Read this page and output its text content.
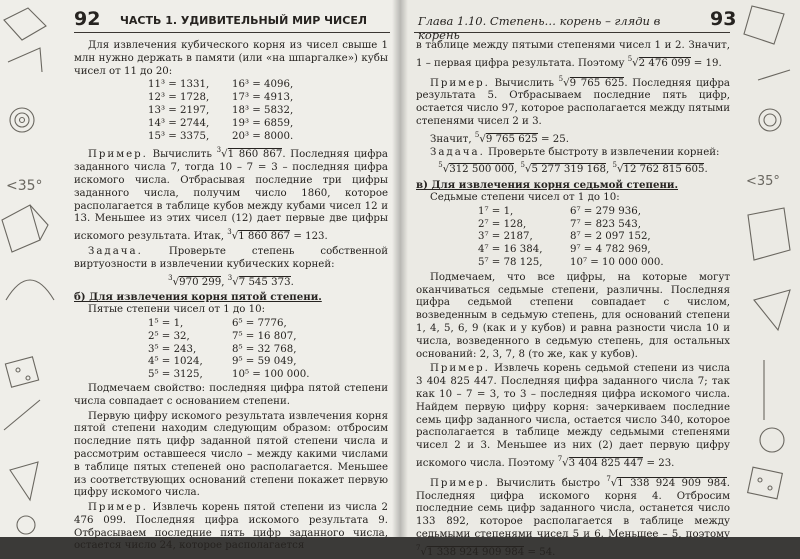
<35°
92 ЧАСТЬ 1. УДИВИТЕЛЬНЫЙ МИР ЧИСЕЛ

Для извлечения кубического корня из чисел свыше 1 млн нужно держать в памяти (или «на шпаргалке») кубы чисел от 11 до 20:

11³ = 1331,	16³ = 4096,
12³ = 1728,	17³ = 4913,
13³ = 2197,	18³ = 5832,
14³ = 2744,	19³ = 6859,
15³ = 3375,	20³ = 8000.

Пример. Вычислить $^3$√1 860 867. Последняя цифра заданного числа 7, тогда 10 – 7 = 3 – последняя цифра искомого числа. Отбрасывая последние три цифры заданного числа, получим число 1860, которое располагается в таблице кубов между кубами чисел 12 и 13. Меньшее из этих чисел (12) дает первые две цифры искомого результата. Итак, $^3$√1 860 867 = 123.

Задача.	Проверьте степень собственной виртуозности в извлечении кубических корней:

$^3$√970 299, $^3$√7 545 373.

б) Для извлечения корня пятой степени.

Пятые степени чисел от 1 до 10:

1⁵ = 1,	6⁵ = 7776,
2⁵ = 32,	7⁵ = 16 807,
3⁵ = 243,	8⁵ = 32 768,
4⁵ = 1024,	9⁵ = 59 049,
5⁵ = 3125,	10⁵ = 100 000.

Подмечаем свойство: последняя цифра пятой степени числа совпадает с основанием степени.

Первую цифру искомого результата извлечения корня пятой степени находим следующим образом: отбросим последние пять цифр заданной пятой степени числа и рассмотрим оставшееся число – между какими числами в таблице пятых степеней оно располагается. Меньшее из соответствующих оснований степени покажет первую цифру искомого числа.

Пример. Извлечь корень пятой степени из числа 2 476 099. Последняя цифра искомого результата 9. Отбрасываем последние пять цифр заданного числа, остается число 24, которое располагается

<35°
Глава 1.10. Степень… корень – гляди в корень
93

в таблице между пятыми степенями чисел 1 и 2. Значит, 1 – первая цифра результата. Поэтому $^5$√2 476 099 = 19.

Пример. Вычислить $^5$√9 765 625. Последняя цифра результата 5. Отбрасываем последние пять цифр, остается число 97, которое располагается между пятыми степенями чисел 2 и 3.

Значит, $^5$√9 765 625 = 25.

Задача. Проверьте быстроту в извлечении корней:

$^5$√312 500 000, $^5$√5 277 319 168, $^5$√12 762 815 605.

в) Для извлечения корня седьмой степени.

Седьмые степени чисел от 1 до 10:

1⁷ = 1,	6⁷ = 279 936,
2⁷ = 128,	7⁷ = 823 543,
3⁷ = 2187,	8⁷ = 2 097 152,
4⁷ = 16 384,	9⁷ = 4 782 969,
5⁷ = 78 125,	10⁷ = 10 000 000.

Подмечаем, что все цифры, на которые могут оканчиваться седьмые степени, различны. Последняя цифра седьмой степени совпадает с числом, возведенным в седьмую степень, для оснований степени 1, 4, 5, 6, 9 (как и у кубов) и равна разности числа 10 и числа, возведенного в седьмую степень, для остальных оснований: 2, 3, 7, 8 (то же, как у кубов).

Пример. Извлечь корень седьмой степени из числа 3 404 825 447. Последняя цифра заданного числа 7; так как 10 – 7 = 3, то 3 – последняя цифра искомого числа. Найдем первую цифру корня: зачеркиваем последние семь цифр заданного числа, остается число 340, которое располагается в таблице между седьмыми степенями чисел 2 и 3. Меньшее из них (2) дает первую цифру искомого числа. Поэтому $^7$√3 404 825 447 = 23.

Пример. Вычислить быстро $^7$√1 338 924 909 984. Последняя цифра искомого корня 4. Отбросим последние семь цифр заданного числа, останется число 133 892, которое располагается в таблице между седьмыми степенями чисел 5 и 6. Меньшее – 5, поэтому $^7$√1 338 924 909 984 = 54.
